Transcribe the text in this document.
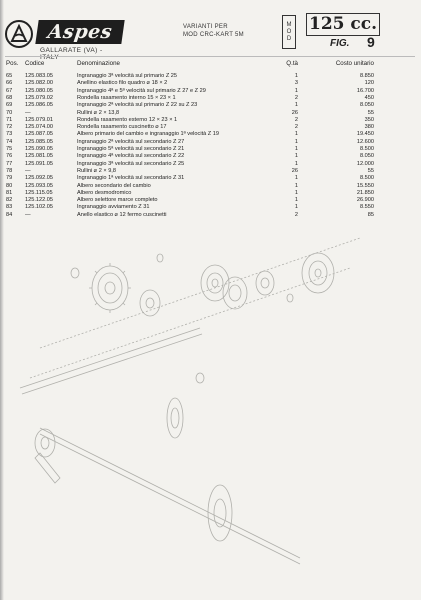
Aspes
GALLARATE (VA) - ITALY
VARIANTI PER
MOD CRC-KART 5M
M
O
D
125 cc.
FIG. 9
Pos. Codice	Denominazione	Q.tà	Costo unitario
65 125.083.05	Ingranaggio 3ª velocità sul primario Z 25	1	8.850
66 125.082.00	Anellino elastico filo quadro ⌀ 18 × 2	3	120
67 125.080.05	Ingranaggio 4ª e 5ª velocità sul primario Z 27 e Z 29	1	16.700
68 125.079.02	Rondella rasamento interno 15 × 23 × 1	2	450
69 125.086.05	Ingranaggio 2ª velocità sul primario Z 22 su Z 23	1	8.050
70 —	Rullini ⌀ 2 × 13,8	26	55
71 125.079.01	Rondella rasamento esterno 12 × 23 × 1	2	350
72 125.074.00	Rondella rasamento cuscinetto ⌀ 17	2	380
73 125.087.05	Albero primario del cambio e ingranaggio 1ª velocità Z 19	1	19.450
74 125.085.05	Ingranaggio 2ª velocità sul secondario Z 27	1	12.600
75 125.090.05	Ingranaggio 5ª velocità sul secondario Z 21	1	8.500
76 125.081.05	Ingranaggio 4ª velocità sul secondario Z 22	1	8.050
77 125.091.05	Ingranaggio 3ª velocità sul secondario Z 25	1	12.000
78 —	Rullini ⌀ 2 × 9,8	26	55
79 125.092.05	Ingranaggio 1ª velocità sul secondario Z 31	1	8.500
80 125.093.05	Albero secondario del cambio	1	15.550
81 125.115.05	Albero desmodromico	1	21.850
82 125.122.05	Albero selettore marce completo	1	26.900
83 125.102.05	Ingranaggio avviamento Z 31	1	8.550
84 —	Anello elastico ⌀ 12 fermo cuscinetti	2	85
